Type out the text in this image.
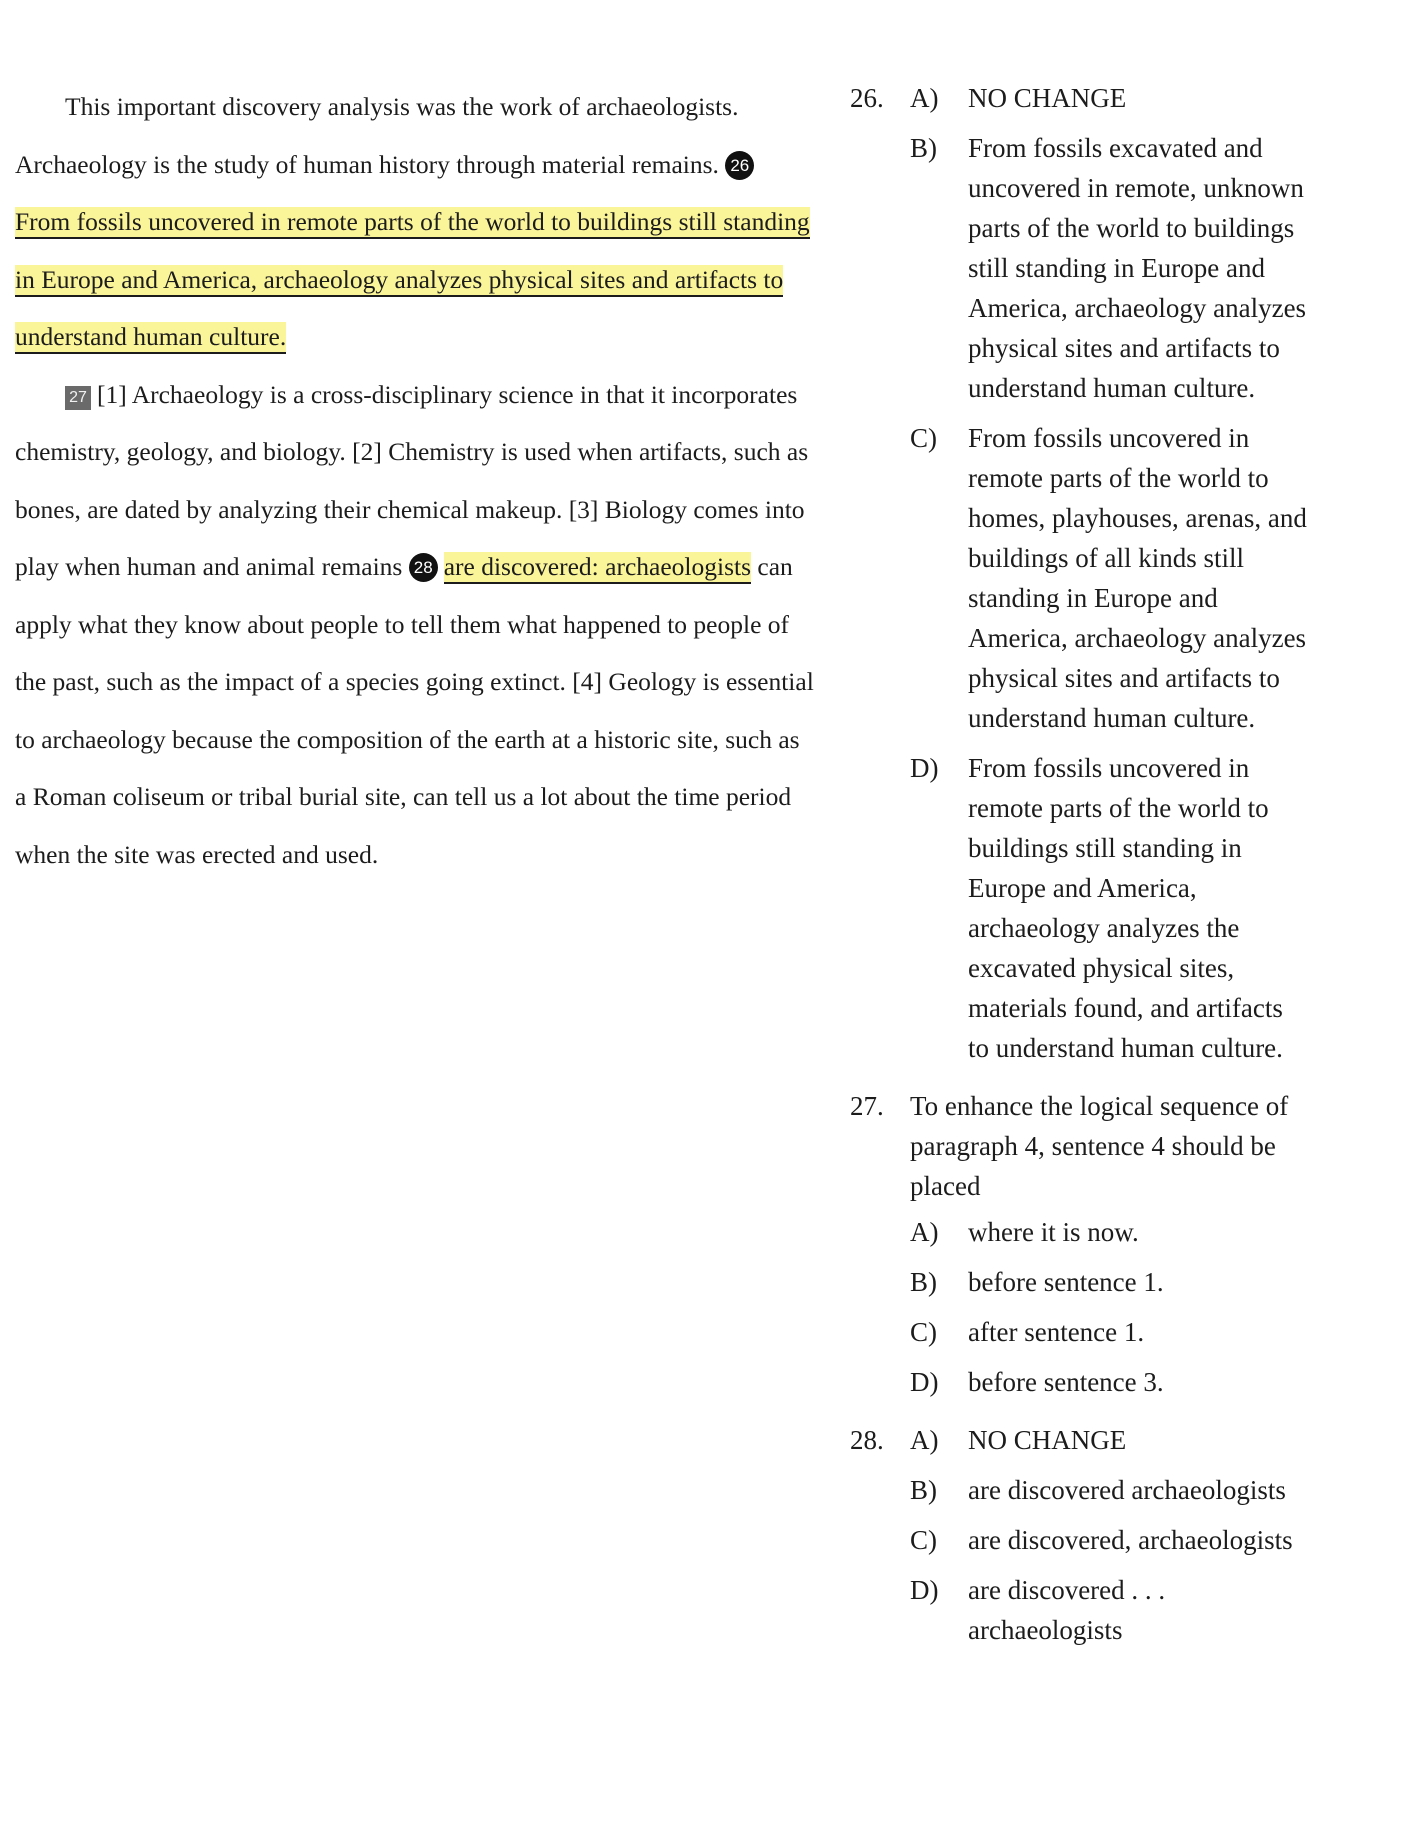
This important discovery analysis was the work of archaeologists. Archaeology is the study of human history through material remains. 26From fossils uncovered in remote parts of the world to buildings still standing in Europe and America, archaeology analyzes physical sites and artifacts to understand human culture.

27 [1] Archaeology is a cross-disciplinary science in that it incorporates chemistry, geology, and biology. [2] Chemistry is used when artifacts, such as bones, are dated by analyzing their chemical makeup. [3] Biology comes into play when human and animal remains 28 are discovered: archaeologists can apply what they know about people to tell them what happened to people of the past, such as the impact of a species going extinct. [4] Geology is essential to archaeology because the composition of the earth at a historic site, such as a Roman coliseum or tribal burial site, can tell us a lot about the time period when the site was erected and used.

26. A) NO CHANGE
B) From fossils excavated and uncovered in remote, unknown parts of the world to buildings still standing in Europe and America, archaeology analyzes physical sites and artifacts to understand human culture.
C) From fossils uncovered in remote parts of the world to homes, playhouses, arenas, and buildings of all kinds still standing in Europe and America, archaeology analyzes physical sites and artifacts to understand human culture.
D) From fossils uncovered in remote parts of the world to buildings still standing in Europe and America, archaeology analyzes the excavated physical sites, materials found, and artifacts to understand human culture.
27. To enhance the logical sequence of paragraph 4, sentence 4 should be placed
A) where it is now.
B) before sentence 1.
C) after sentence 1.
D) before sentence 3.
28. A) NO CHANGE
B) are discovered archaeologists
C) are discovered, archaeologists
D) are discovered . . . archaeologists
